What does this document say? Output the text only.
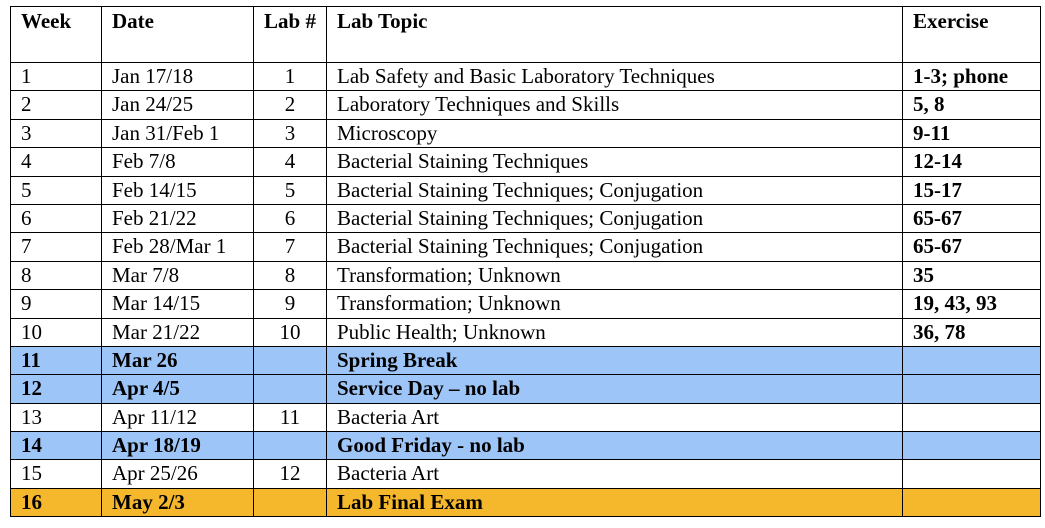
Week	Date	Lab #	Lab Topic	Exercise
1	Jan 17/18	1	Lab Safety and Basic Laboratory Techniques	1-3; phone
2	Jan 24/25	2	Laboratory Techniques and Skills	5, 8
3	Jan 31/Feb 1	3	Microscopy	9-11
4	Feb 7/8	4	Bacterial Staining Techniques	12-14
5	Feb 14/15	5	Bacterial Staining Techniques; Conjugation	15-17
6	Feb 21/22	6	Bacterial Staining Techniques; Conjugation	65-67
7	Feb 28/Mar 1	7	Bacterial Staining Techniques; Conjugation	65-67
8	Mar 7/8	8	Transformation; Unknown	35
9	Mar 14/15	9	Transformation; Unknown	19, 43, 93
10	Mar 21/22	10	Public Health; Unknown	36, 78
11	Mar 26		Spring Break	
12	Apr 4/5		Service Day – no lab	
13	Apr 11/12	11	Bacteria Art	
14	Apr 18/19		Good Friday - no lab	
15	Apr 25/26	12	Bacteria Art	
16	May 2/3		Lab Final Exam	
